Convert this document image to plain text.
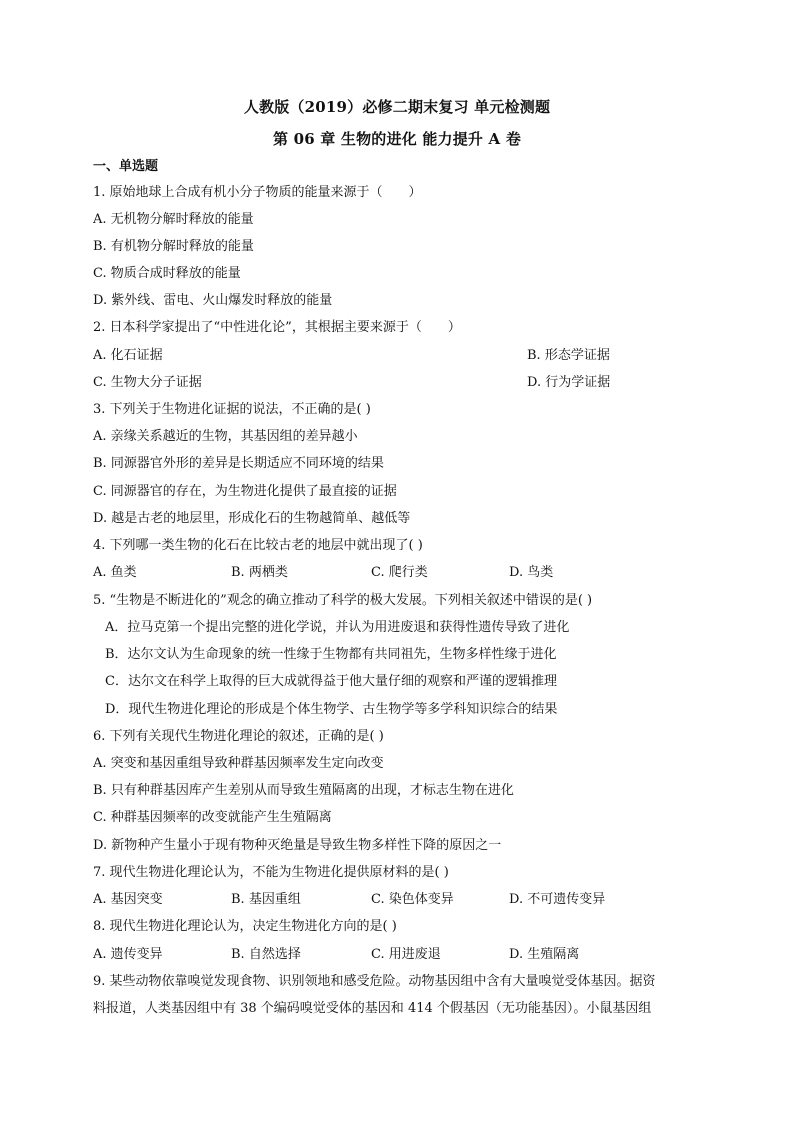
人教版（2019）必修二期末复习 单元检测题
第 06 章 生物的进化 能力提升 A 卷
一、单选题
1. 原始地球上合成有机小分子物质的能量来源于（　　）
A. 无机物分解时释放的能量
B. 有机物分解时释放的能量
C. 物质合成时释放的能量
D. 紫外线、雷电、火山爆发时释放的能量
2. 日本科学家提出了“中性进化论”，其根据主要来源于（　　）
A. 化石证据	B. 形态学证据
C. 生物大分子证据	D. 行为学证据
3. 下列关于生物进化证据的说法，不正确的是( )
A. 亲缘关系越近的生物，其基因组的差异越小
B. 同源器官外形的差异是长期适应不同环境的结果
C. 同源器官的存在，为生物进化提供了最直接的证据
D. 越是古老的地层里，形成化石的生物越简单、越低等
4. 下列哪一类生物的化石在比较古老的地层中就出现了( )
A. 鱼类	B. 两栖类	C. 爬行类	D. 鸟类
5. “生物是不断进化的”观念的确立推动了科学的极大发展。下列相关叙述中错误的是( )
A．拉马克第一个提出完整的进化学说，并认为用进废退和获得性遗传导致了进化
B．达尔文认为生命现象的统一性缘于生物都有共同祖先，生物多样性缘于进化
C．达尔文在科学上取得的巨大成就得益于他大量仔细的观察和严谨的逻辑推理
D．现代生物进化理论的形成是个体生物学、古生物学等多学科知识综合的结果
6. 下列有关现代生物进化理论的叙述，正确的是( )
A. 突变和基因重组导致种群基因频率发生定向改变
B. 只有种群基因库产生差别从而导致生殖隔离的出现，才标志生物在进化
C. 种群基因频率的改变就能产生生殖隔离
D. 新物种产生量小于现有物种灭绝量是导致生物多样性下降的原因之一
7. 现代生物进化理论认为，不能为生物进化提供原材料的是( )
A. 基因突变	B. 基因重组	C. 染色体变异	D. 不可遗传变异
8. 现代生物进化理论认为，决定生物进化方向的是( )
A. 遗传变异	B. 自然选择	C. 用进废退	D. 生殖隔离
9. 某些动物依靠嗅觉发现食物、识别领地和感受危险。动物基因组中含有大量嗅觉受体基因。据资
料报道，人类基因组中有 38 个编码嗅觉受体的基因和 414 个假基因（无功能基因）。小鼠基因组
